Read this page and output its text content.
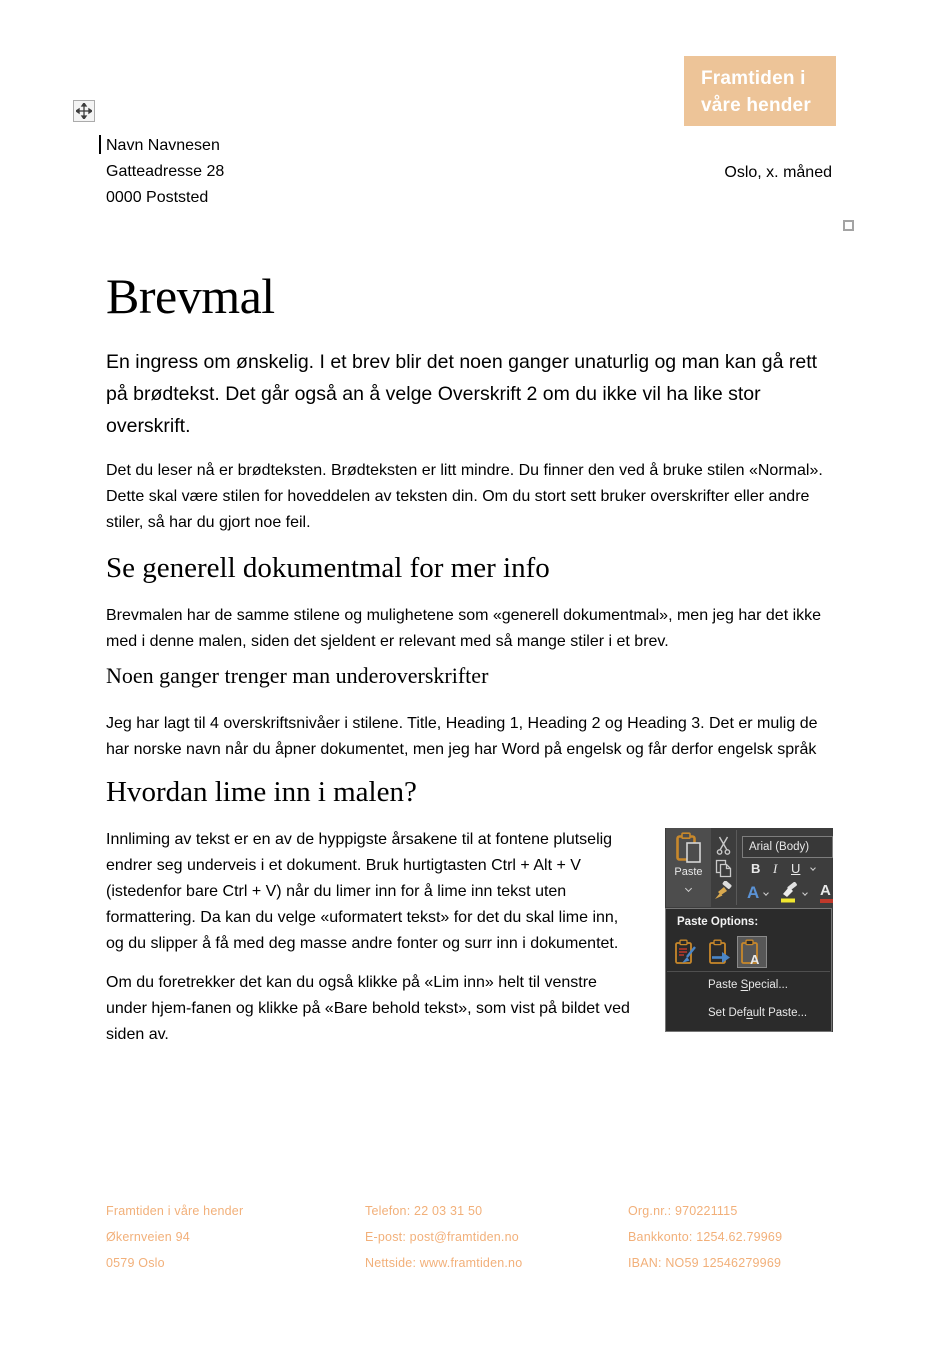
Framtiden i
våre hender
Navn Navnesen
Gatteadresse 28
0000 Poststed
Oslo, x. måned
Brevmal

En ingress om ønskelig. I et brev blir det noen ganger unaturlig og man kan gå rett på brødtekst. Det går også an å velge Overskrift 2 om du ikke vil ha like stor overskrift.

Det du leser nå er brødteksten. Brødteksten er litt mindre. Du finner den ved å bruke stilen «Normal». Dette skal være stilen for hoveddelen av teksten din. Om du stort sett bruker overskrifter eller andre stiler, så har du gjort noe feil.

Se generell dokumentmal for mer info

Brevmalen har de samme stilene og mulighetene som «generell dokumentmal», men jeg har det ikke med i denne malen, siden det sjeldent er relevant med så mange stiler i et brev.

Noen ganger trenger man underoverskrifter

Jeg har lagt til 4 overskriftsnivåer i stilene. Title, Heading 1, Heading 2 og Heading 3. Det er mulig de har norske navn når du åpner dokumentet, men jeg har Word på engelsk og får derfor engelsk språk

Hvordan lime inn i malen?
Paste
Arial (Body)
B I U
A	A
Paste Options:
A
Paste Special...
Set Default Paste...

Innliming av tekst er en av de hyppigste årsakene til at fontene plutselig endrer seg underveis i et dokument. Bruk hurtigtasten Ctrl + Alt + V (istedenfor bare Ctrl + V) når du limer inn for å lime inn tekst uten formattering. Da kan du velge «uformatert tekst» for det du skal lime inn, og du slipper å få med deg masse andre fonter og surr inn i dokumentet.

Om du foretrekker det kan du også klikke på «Lim inn» helt til venstre under hjem-fanen og klikke på «Bare behold tekst», som vist på bildet ved siden av.

Framtiden i våre hender
Økernveien 94
0579 Oslo
Telefon: 22 03 31 50
E-post: post@framtiden.no
Nettside: www.framtiden.no
Org.nr.: 970221115
Bankkonto: 1254.62.79969
IBAN: NO59 12546279969
